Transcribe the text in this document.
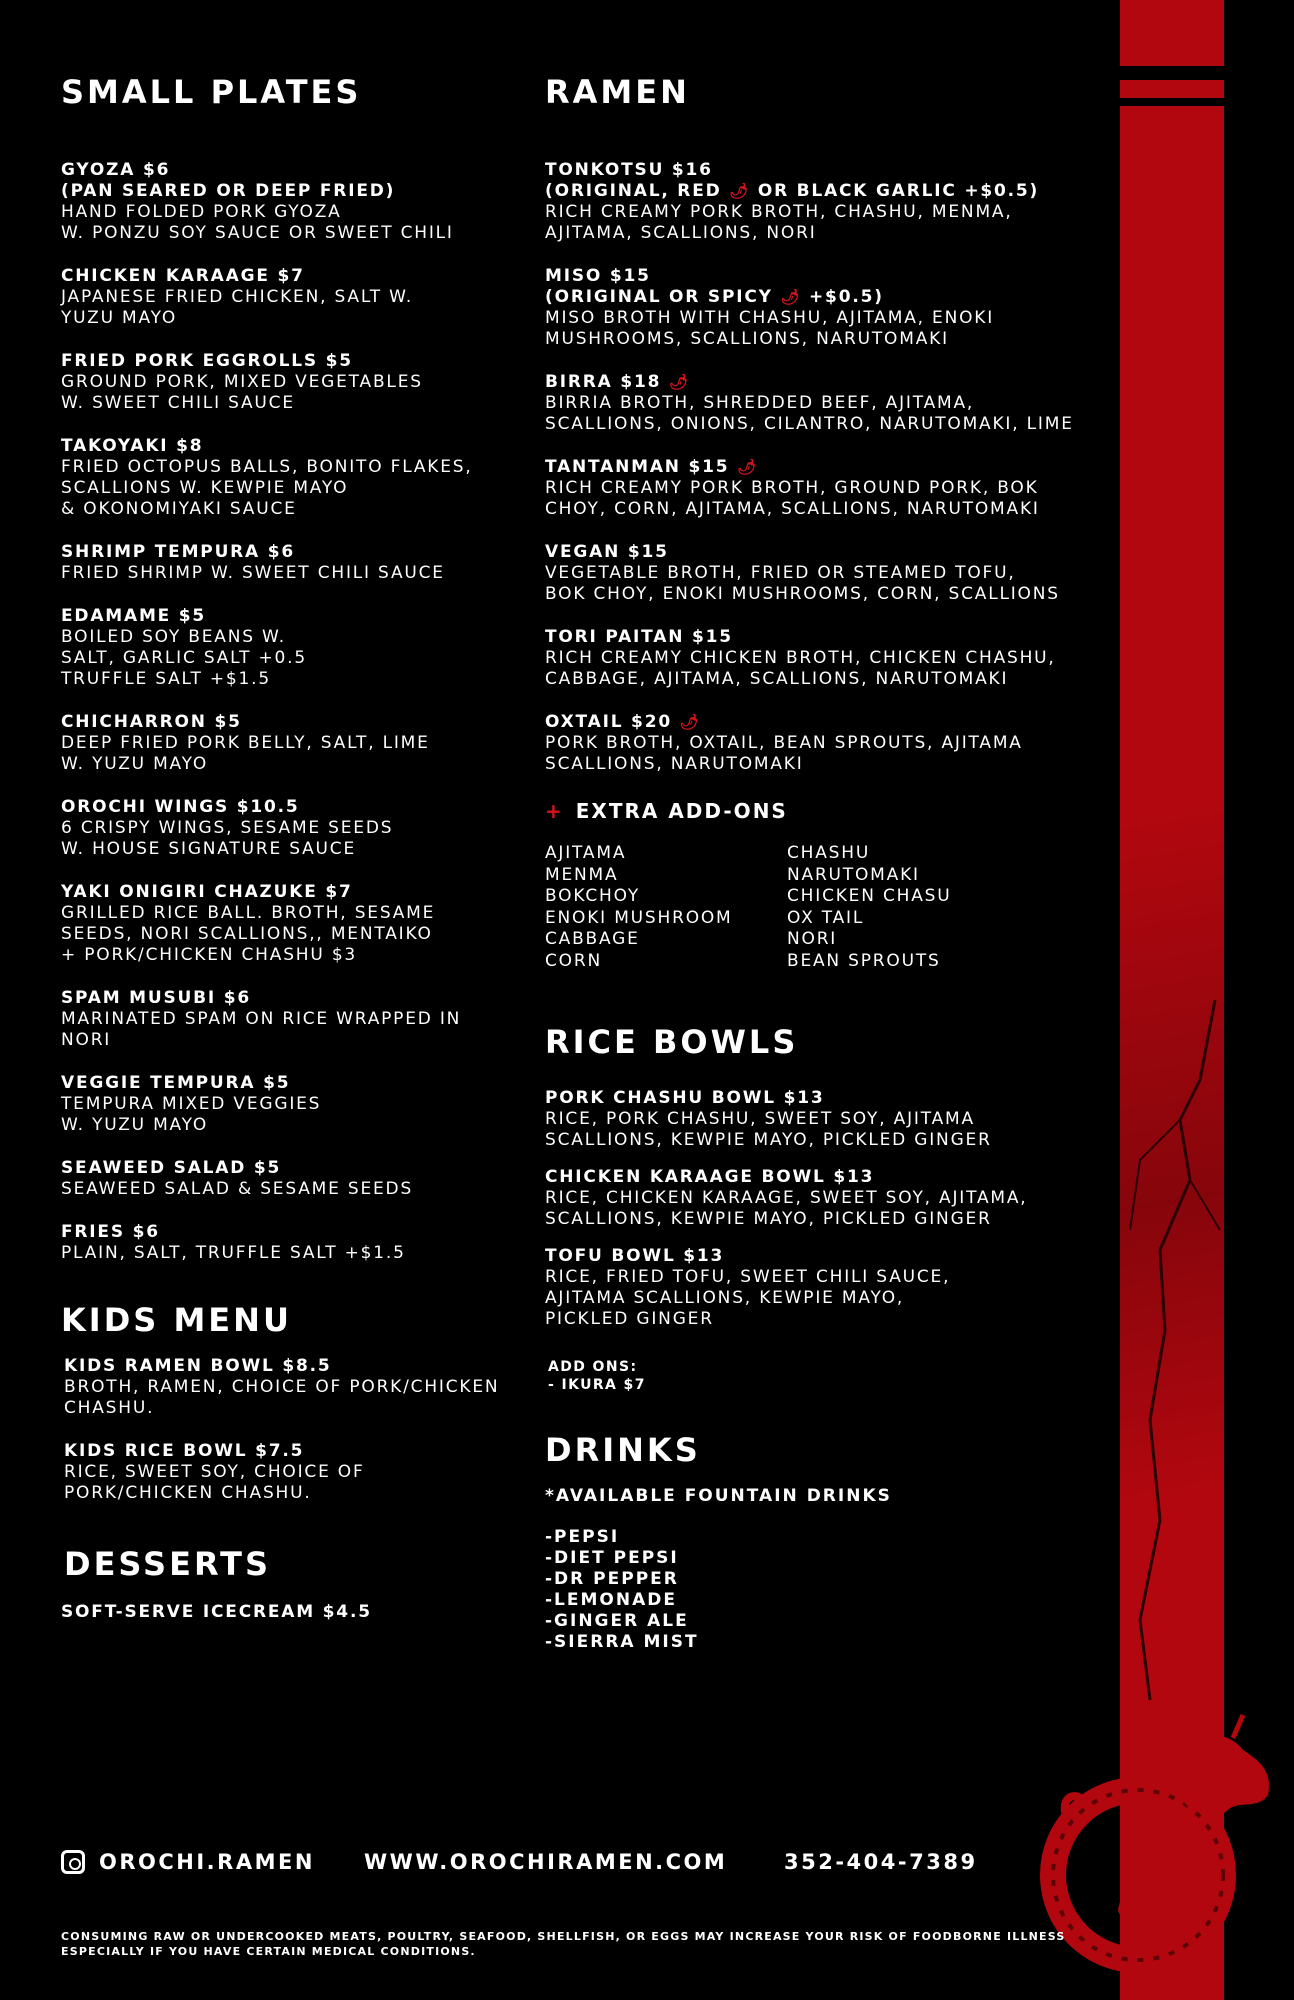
SMALL PLATES

GYOZA $6
(PAN SEARED OR DEEP FRIED)
HAND FOLDED PORK GYOZA
W. PONZU SOY SAUCE OR SWEET CHILI

CHICKEN KARAAGE $7
JAPANESE FRIED CHICKEN, SALT W.
YUZU MAYO

FRIED PORK EGGROLLS $5
GROUND PORK, MIXED VEGETABLES
W. SWEET CHILI SAUCE

TAKOYAKI $8
FRIED OCTOPUS BALLS, BONITO FLAKES,
SCALLIONS W. KEWPIE MAYO
& OKONOMIYAKI SAUCE

SHRIMP TEMPURA $6
FRIED SHRIMP W. SWEET CHILI SAUCE

EDAMAME $5
BOILED SOY BEANS W.
SALT, GARLIC SALT +0.5
TRUFFLE SALT +$1.5

CHICHARRON $5
DEEP FRIED PORK BELLY, SALT, LIME
W. YUZU MAYO

OROCHI WINGS $10.5
6 CRISPY WINGS, SESAME SEEDS
W. HOUSE SIGNATURE SAUCE

YAKI ONIGIRI CHAZUKE $7
GRILLED RICE BALL. BROTH, SESAME
SEEDS, NORI SCALLIONS,, MENTAIKO
+ PORK/CHICKEN CHASHU $3

SPAM MUSUBI $6
MARINATED SPAM ON RICE WRAPPED IN
NORI

VEGGIE TEMPURA $5
TEMPURA MIXED VEGGIES
W. YUZU MAYO

SEAWEED SALAD $5
SEAWEED SALAD & SESAME SEEDS

FRIES $6
PLAIN, SALT, TRUFFLE SALT +$1.5

KIDS MENU

KIDS RAMEN BOWL $8.5
BROTH, RAMEN, CHOICE OF PORK/CHICKEN
CHASHU.

KIDS RICE BOWL $7.5
RICE, SWEET SOY, CHOICE OF
PORK/CHICKEN CHASHU.

DESSERTS

SOFT-SERVE ICECREAM $4.5

RAMEN

TONKOTSU $16
(ORIGINAL, RED 🌶 OR BLACK GARLIC +$0.5)
RICH CREAMY PORK BROTH, CHASHU, MENMA,
AJITAMA, SCALLIONS, NORI

MISO $15
(ORIGINAL OR SPICY 🌶 +$0.5)
MISO BROTH WITH CHASHU, AJITAMA, ENOKI
MUSHROOMS, SCALLIONS, NARUTOMAKI

BIRRA $18 🌶
BIRRIA BROTH, SHREDDED BEEF, AJITAMA,
SCALLIONS, ONIONS, CILANTRO, NARUTOMAKI, LIME

TANTANMAN $15 🌶
RICH CREAMY PORK BROTH, GROUND PORK, BOK
CHOY, CORN, AJITAMA, SCALLIONS, NARUTOMAKI

VEGAN $15
VEGETABLE BROTH, FRIED OR STEAMED TOFU,
BOK CHOY, ENOKI MUSHROOMS, CORN, SCALLIONS

TORI PAITAN $15
RICH CREAMY CHICKEN BROTH, CHICKEN CHASHU,
CABBAGE, AJITAMA, SCALLIONS, NARUTOMAKI

OXTAIL $20 🌶
PORK BROTH, OXTAIL, BEAN SPROUTS, AJITAMA
SCALLIONS, NARUTOMAKI

+ EXTRA ADD-ONS
AJITAMA	CHASHU
MENMA	NARUTOMAKI
BOKCHOY	CHICKEN CHASU
ENOKI MUSHROOM	OX TAIL
CABBAGE	NORI
CORN	BEAN SPROUTS
RICE BOWLS

PORK CHASHU BOWL $13
RICE, PORK CHASHU, SWEET SOY, AJITAMA
SCALLIONS, KEWPIE MAYO, PICKLED GINGER

CHICKEN KARAAGE BOWL $13
RICE, CHICKEN KARAAGE, SWEET SOY, AJITAMA,
SCALLIONS, KEWPIE MAYO, PICKLED GINGER

TOFU BOWL $13
RICE, FRIED TOFU, SWEET CHILI SAUCE,
AJITAMA SCALLIONS, KEWPIE MAYO,
PICKLED GINGER

ADD ONS:
- IKURA $7
DRINKS
*AVAILABLE FOUNTAIN DRINKS
-PEPSI
-DIET PEPSI
-DR PEPPER
-LEMONADE
-GINGER ALE
-SIERRA MIST
OROCHI.RAMEN	WWW.OROCHIRAMEN.COM	352-404-7389
CONSUMING RAW OR UNDERCOOKED MEATS, POULTRY, SEAFOOD, SHELLFISH, OR EGGS MAY INCREASE YOUR RISK OF FOODBORNE ILLNESS ESPECIALLY IF YOU HAVE CERTAIN MEDICAL CONDITIONS.
